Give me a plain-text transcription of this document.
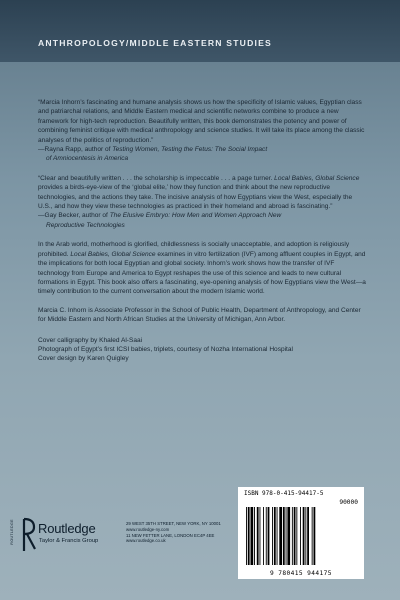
ANTHROPOLOGY/MIDDLE EASTERN STUDIES
“Marcia Inhorn’s fascinating and humane analysis shows us how the specificity of Islamic values, Egyptian class and patriarchal relations, and Middle Eastern medical and scientific networks combine to produce a new framework for high-tech reproduction. Beautifully written, this book demonstrates the potency and power of combining feminist critique with medical anthropology and science studies. It will take its place among the classic analyses of the politics of reproduction.”
—Rayna Rapp, author of Testing Women, Testing the Fetus: The Social Impact
of Amniocentesis in America
“Clear and beautifully written . . . the scholarship is impeccable . . . a page turner. Local Babies, Global Science provides a birds-eye-view of the ‘global elite,’ how they function and think about the new reproductive technologies, and the actions they take. The incisive analysis of how Egyptians view the West, especially the U.S., and how they view these technologies as practiced in their homeland and abroad is fascinating.”
—Gay Becker, author of The Elusive Embryo: How Men and Women Approach New
Reproductive Technologies
In the Arab world, motherhood is glorified, childlessness is socially unacceptable, and adoption is religiously prohibited. Local Babies, Global Science examines in vitro fertilization (IVF) among affluent couples in Egypt, and the implications for both local Egyptian and global society. Inhorn’s work shows how the transfer of IVF technology from Europe and America to Egypt reshapes the use of this science and leads to new cultural formations in Egypt. This book also offers a fascinating, eye-opening analysis of how Egyptians view the West—a timely contribution to the current conversation about the modern Islamic world.
Marcia C. Inhorn is Associate Professor in the School of Public Health, Department of Anthropology, and Center for Middle Eastern and North African Studies at the University of Michigan, Ann Arbor.
Cover calligraphy by Khaled Al-Saai
Photograph of Egypt’s first ICSI babies, triplets, courtesy of Nozha International Hospital
Cover design by Karen Quigley
ROUTLEDGE Routledge
Taylor & Francis Group
29 WEST 35TH STREET, NEW YORK, NY 10001
www.routledge-ny.com
11 NEW FETTER LANE, LONDON EC4P 4EE
www.routledge.co.uk
ISBN 978-0-415-94417-5
90000
9 780415 944175
